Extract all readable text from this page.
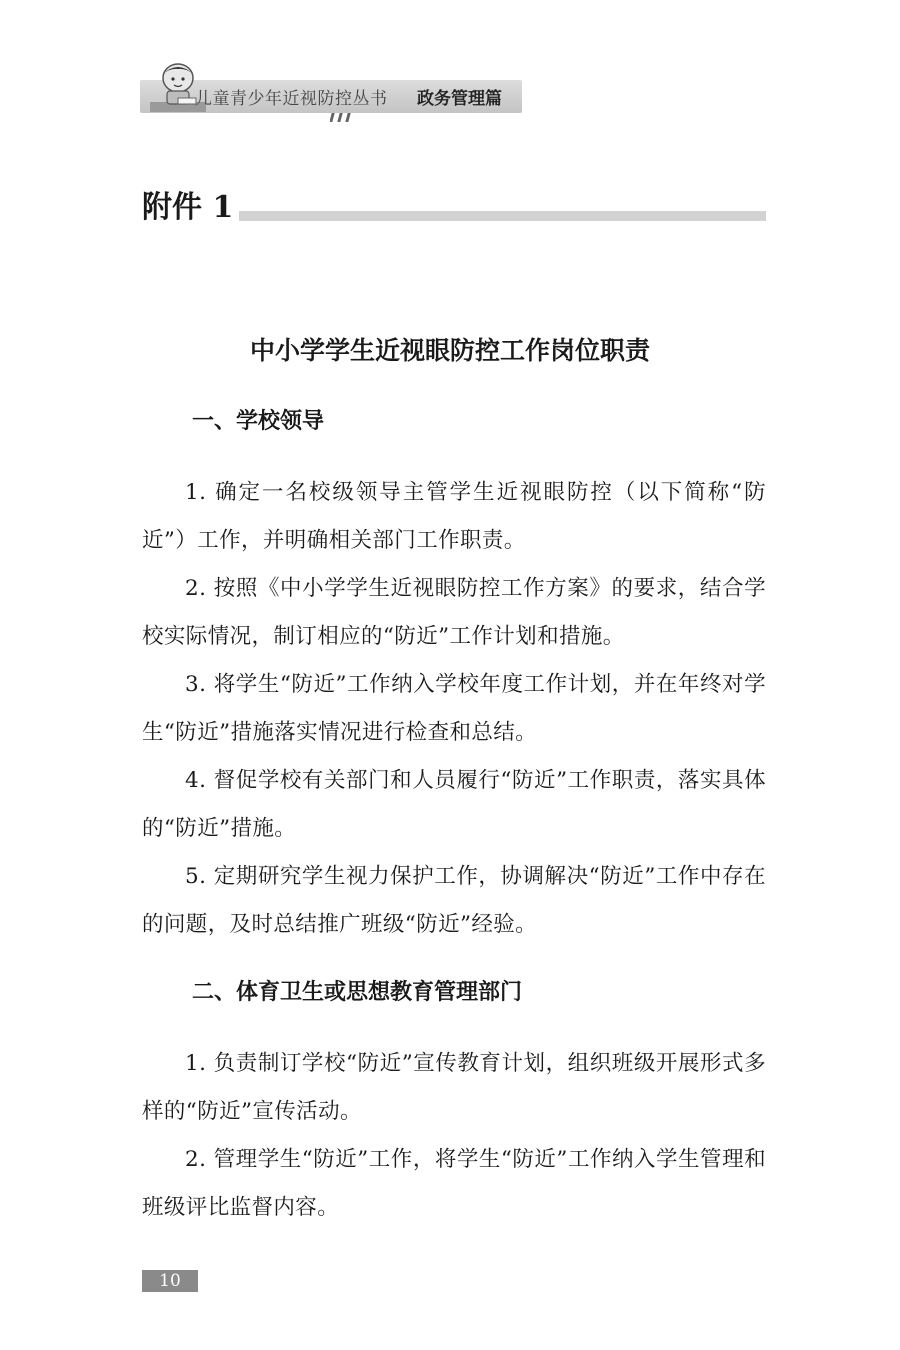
儿童青少年近视防控丛书 政务管理篇
附件 1
中小学学生近视眼防控工作岗位职责
一、学校领导
1. 确定一名校级领导主管学生近视眼防控（以下简称“防近”）工作，并明确相关部门工作职责。
2. 按照《中小学学生近视眼防控工作方案》的要求，结合学校实际情况，制订相应的“防近”工作计划和措施。
3. 将学生“防近”工作纳入学校年度工作计划，并在年终对学生“防近”措施落实情况进行检查和总结。
4. 督促学校有关部门和人员履行“防近”工作职责，落实具体的“防近”措施。
5. 定期研究学生视力保护工作，协调解决“防近”工作中存在的问题，及时总结推广班级“防近”经验。
二、体育卫生或思想教育管理部门
1. 负责制订学校“防近”宣传教育计划，组织班级开展形式多样的“防近”宣传活动。
2. 管理学生“防近”工作，将学生“防近”工作纳入学生管理和班级评比监督内容。
10
